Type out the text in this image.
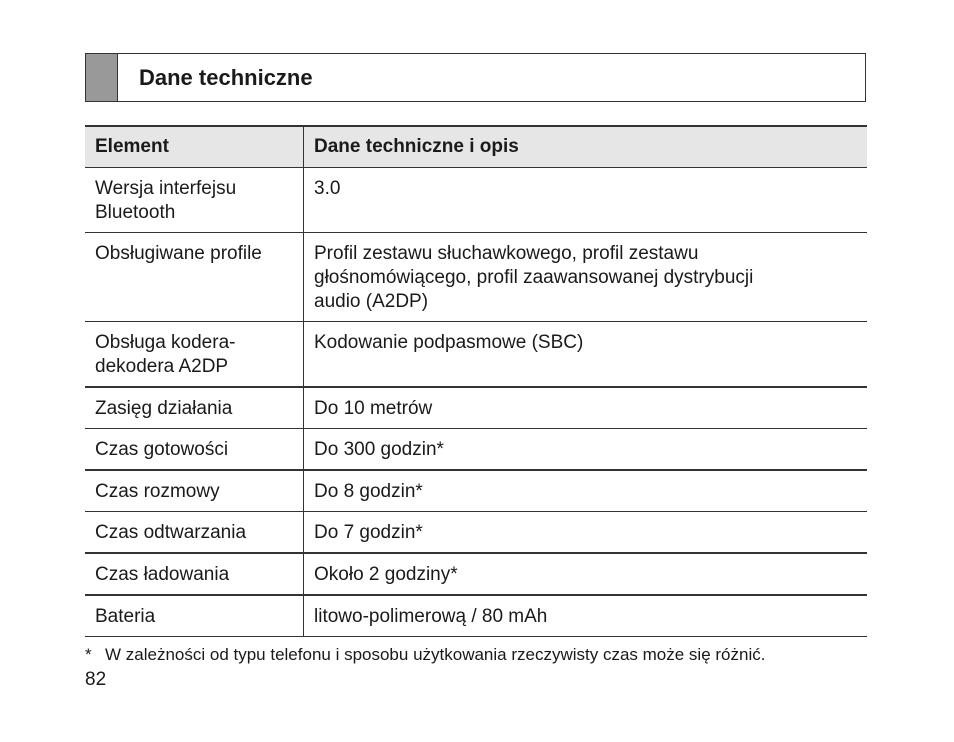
Dane techniczne
Element	Dane techniczne i opis
Wersja interfejsu
Bluetooth	3.0
Obsługiwane profile	Profil zestawu słuchawkowego, profil zestawu
głośnomówiącego, profil zaawansowanej dystrybucji
audio (A2DP)
Obsługa kodera-
dekodera A2DP	Kodowanie podpasmowe (SBC)
Zasięg działania	Do 10 metrów
Czas gotowości	Do 300 godzin*
Czas rozmowy	Do 8 godzin*
Czas odtwarzania	Do 7 godzin*
Czas ładowania	Około 2 godziny*
Bateria	litowo-polimerową / 80 mAh
* W zależności od typu telefonu i sposobu użytkowania rzeczywisty czas może się różnić.
82
